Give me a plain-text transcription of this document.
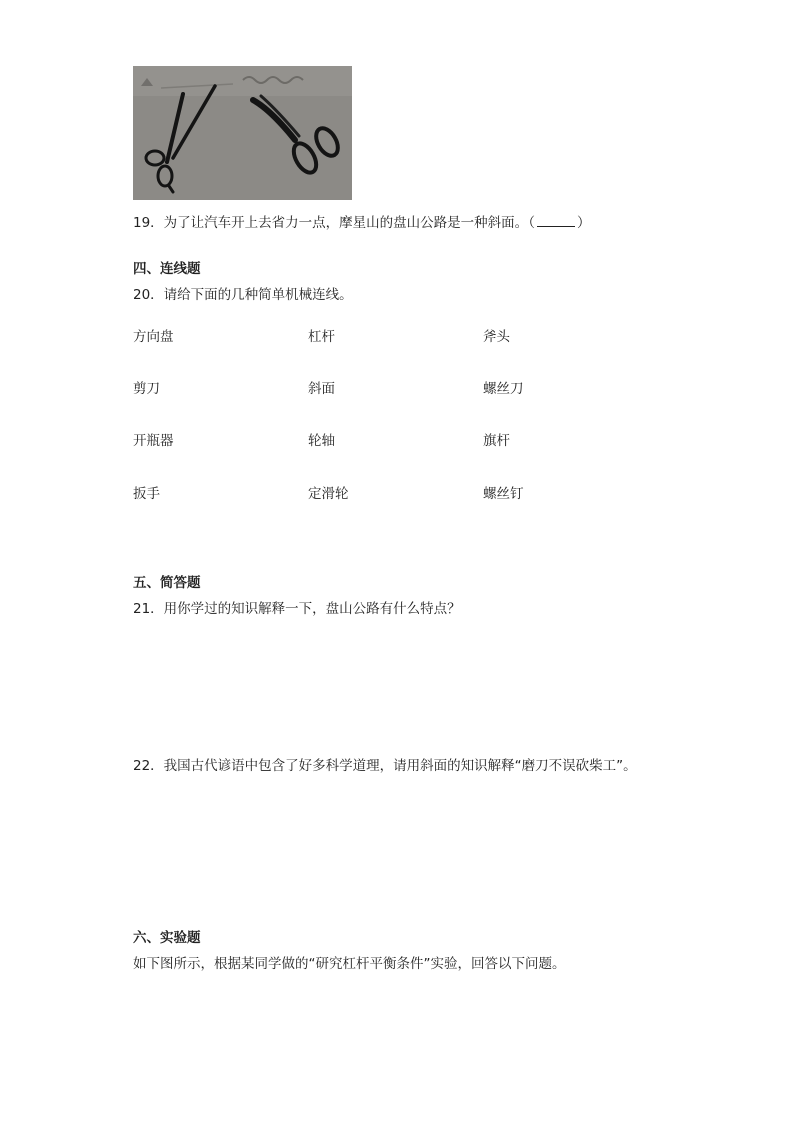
19．为了让汽车开上去省力一点，摩星山的盘山公路是一种斜面。（	）
四、连线题
20．请给下面的几种简单机械连线。
方向盘	杠杆	斧头
剪刀	斜面	螺丝刀
开瓶器	轮轴	旗杆
扳手	定滑轮	螺丝钉
五、简答题
21．用你学过的知识解释一下，盘山公路有什么特点？
22．我国古代谚语中包含了好多科学道理，请用斜面的知识解释“磨刀不误砍柴工”。
六、实验题
如下图所示，根据某同学做的“研究杠杆平衡条件”实验，回答以下问题。
